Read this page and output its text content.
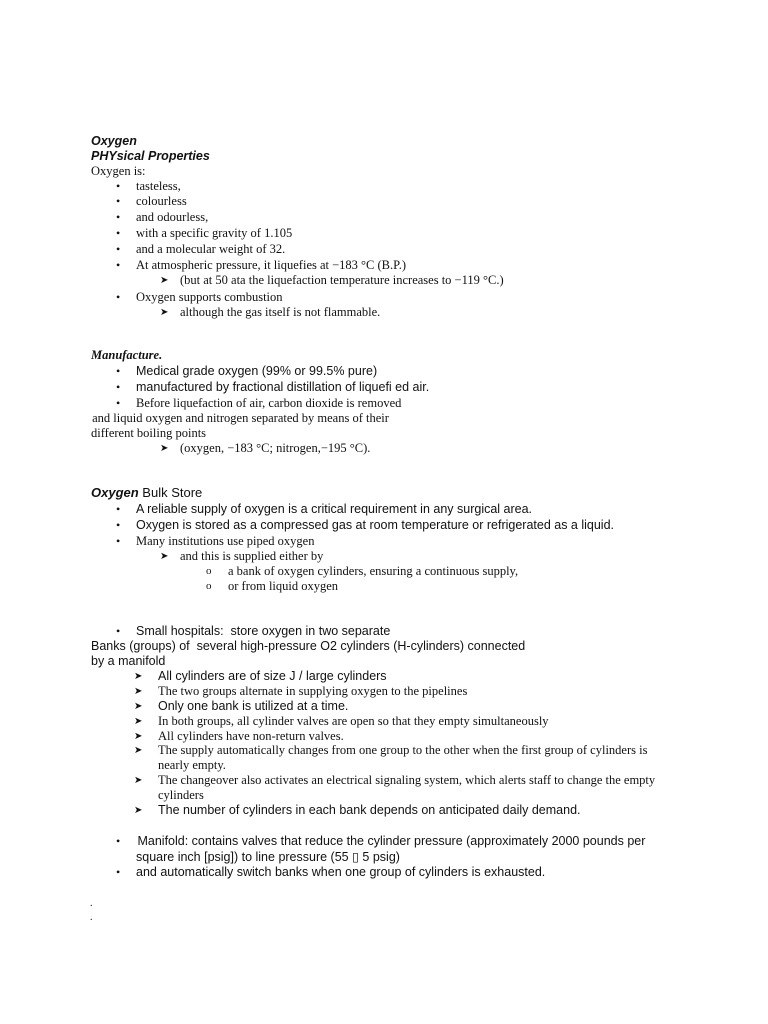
Oxygen
PHYsical Properties
Oxygen is:
• tasteless,
• colourless
• and odourless,
• with a specific gravity of 1.105
• and a molecular weight of 32.
• At atmospheric pressure, it liquefies at −183 °C (B.P.)
➤ (but at 50 ata the liquefaction temperature increases to −119 °C.)
• Oxygen supports combustion
➤ although the gas itself is not flammable.
Manufacture.
• Medical grade oxygen (99% or 99.5% pure)
• manufactured by fractional distillation of liquefi ed air.
• Before liquefaction of air, carbon dioxide is removed
and liquid oxygen and nitrogen separated by means of their
different boiling points
➤ (oxygen, −183 °C; nitrogen,−195 °C).
Oxygen Bulk Store
• A reliable supply of oxygen is a critical requirement in any surgical area.
• Oxygen is stored as a compressed gas at room temperature or refrigerated as a liquid.
• Many institutions use piped oxygen
➤ and this is supplied either by
o a bank of oxygen cylinders, ensuring a continuous supply,
o or from liquid oxygen
• Small hospitals:  store oxygen in two separate
Banks (groups) of  several high-pressure O2 cylinders (H-cylinders) connected
by a manifold
➤ All cylinders are of size J / large cylinders
➤ The two groups alternate in supplying oxygen to the pipelines
➤ Only one bank is utilized at a time.
➤ In both groups, all cylinder valves are open so that they empty simultaneously
➤ All cylinders have non-return valves.
➤ The supply automatically changes from one group to the other when the first group of cylinders is
nearly empty.
➤ The changeover also activates an electrical signaling system, which alerts staff to change the empty
cylinders
➤ The number of cylinders in each bank depends on anticipated daily demand.
• Manifold: contains valves that reduce the cylinder pressure (approximately 2000 pounds per
square inch [psig]) to line pressure (55 ▯ 5 psig)
• and automatically switch banks when one group of cylinders is exhausted.
.
.
